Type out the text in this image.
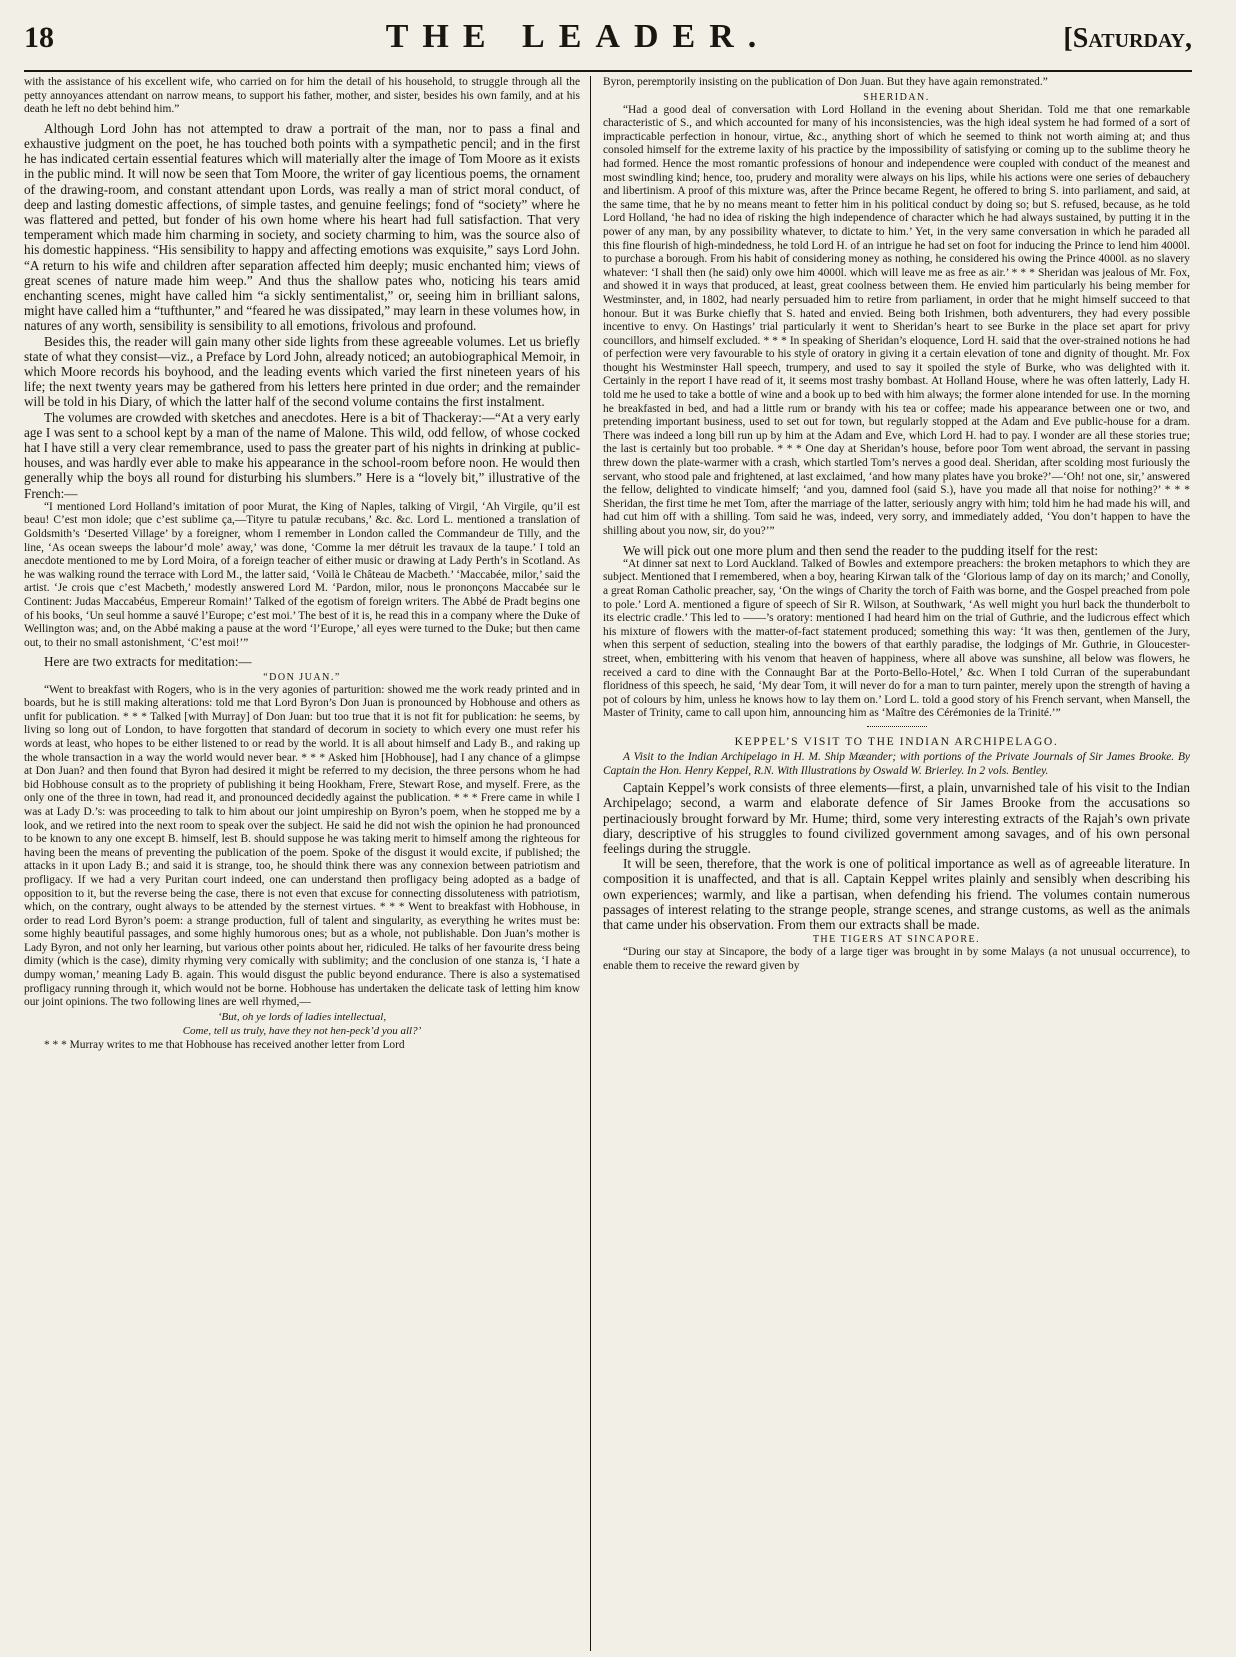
18	THE LEADER.	[Saturday,

with the assistance of his excellent wife, who carried on for him the detail of his household, to struggle through all the petty annoyances attendant on narrow means, to support his father, mother, and sister, besides his own family, and at his death he left no debt behind him.”

Although Lord John has not attempted to draw a portrait of the man, nor to pass a final and exhaustive judgment on the poet, he has touched both points with a sympathetic pencil; and in the first he has indicated certain essential features which will materially alter the image of Tom Moore as it exists in the public mind. It will now be seen that Tom Moore, the writer of gay licentious poems, the ornament of the drawing-room, and constant attendant upon Lords, was really a man of strict moral conduct, of deep and lasting domestic affections, of simple tastes, and genuine feelings; fond of “society” where he was flattered and petted, but fonder of his own home where his heart had full satisfaction. That very temperament which made him charming in society, and society charming to him, was the source also of his domestic happiness. “His sensibility to happy and affecting emotions was exquisite,” says Lord John. “A return to his wife and children after separation affected him deeply; music enchanted him; views of great scenes of nature made him weep.” And thus the shallow pates who, noticing his tears amid enchanting scenes, might have called him “a sickly sentimentalist,” or, seeing him in brilliant salons, might have called him a “tufthunter,” and “feared he was dissipated,” may learn in these volumes how, in natures of any worth, sensibility is sensibility to all emotions, frivolous and profound.

Besides this, the reader will gain many other side lights from these agreeable volumes. Let us briefly state of what they consist—viz., a Preface by Lord John, already noticed; an autobiographical Memoir, in which Moore records his boyhood, and the leading events which varied the first nineteen years of his life; the next twenty years may be gathered from his letters here printed in due order; and the remainder will be told in his Diary, of which the latter half of the second volume contains the first instalment.

The volumes are crowded with sketches and anecdotes. Here is a bit of Thackeray:—“At a very early age I was sent to a school kept by a man of the name of Malone. This wild, odd fellow, of whose cocked hat I have still a very clear remembrance, used to pass the greater part of his nights in drinking at public-houses, and was hardly ever able to make his appearance in the school-room before noon. He would then generally whip the boys all round for disturbing his slumbers.” Here is a “lovely bit,” illustrative of the French:—

“I mentioned Lord Holland’s imitation of poor Murat, the King of Naples, talking of Virgil, ‘Ah Virgile, qu’il est beau! C’est mon idole; que c’est sublime ça,—Tityre tu patulæ recubans,’ &c. &c. Lord L. mentioned a translation of Goldsmith’s ‘Deserted Village’ by a foreigner, whom I remember in London called the Commandeur de Tilly, and the line, ‘As ocean sweeps the labour’d mole’ away,’ was done, ‘Comme la mer détruit les travaux de la taupe.’ I told an anecdote mentioned to me by Lord Moira, of a foreign teacher of either music or drawing at Lady Perth’s in Scotland. As he was walking round the terrace with Lord M., the latter said, ‘Voilà le Château de Macbeth.’ ‘Maccabée, milor,’ said the artist. ‘Je crois que c’est Macbeth,’ modestly answered Lord M. ‘Pardon, milor, nous le prononçons Maccabée sur le Continent: Judas Maccabéus, Empereur Romain!’ Talked of the egotism of foreign writers. The Abbé de Pradt begins one of his books, ‘Un seul homme a sauvé l’Europe; c’est moi.’ The best of it is, he read this in a company where the Duke of Wellington was; and, on the Abbé making a pause at the word ‘l’Europe,’ all eyes were turned to the Duke; but then came out, to their no small astonishment, ‘C’est moi!’”

Here are two extracts for meditation:—

“DON JUAN.”

“Went to breakfast with Rogers, who is in the very agonies of parturition: showed me the work ready printed and in boards, but he is still making alterations: told me that Lord Byron’s Don Juan is pronounced by Hobhouse and others as unfit for publication. * * * Talked [with Murray] of Don Juan: but too true that it is not fit for publication: he seems, by living so long out of London, to have forgotten that standard of decorum in society to which every one must refer his words at least, who hopes to be either listened to or read by the world. It is all about himself and Lady B., and raking up the whole transaction in a way the world would never bear. * * * Asked him [Hobhouse], had I any chance of a glimpse at Don Juan? and then found that Byron had desired it might be referred to my decision, the three persons whom he had bid Hobhouse consult as to the propriety of publishing it being Hookham, Frere, Stewart Rose, and myself. Frere, as the only one of the three in town, had read it, and pronounced decidedly against the publication. * * * Frere came in while I was at Lady D.’s: was proceeding to talk to him about our joint umpireship on Byron’s poem, when he stopped me by a look, and we retired into the next room to speak over the subject. He said he did not wish the opinion he had pronounced to be known to any one except B. himself, lest B. should suppose he was taking merit to himself among the righteous for having been the means of preventing the publication of the poem. Spoke of the disgust it would excite, if published; the attacks in it upon Lady B.; and said it is strange, too, he should think there was any connexion between patriotism and profligacy. If we had a very Puritan court indeed, one can understand then profligacy being adopted as a badge of opposition to it, but the reverse being the case, there is not even that excuse for connecting dissoluteness with patriotism, which, on the contrary, ought always to be attended by the sternest virtues. * * * Went to breakfast with Hobhouse, in order to read Lord Byron’s poem: a strange production, full of talent and singularity, as everything he writes must be: some highly beautiful passages, and some highly humorous ones; but as a whole, not publishable. Don Juan’s mother is Lady Byron, and not only her learning, but various other points about her, ridiculed. He talks of her favourite dress being dimity (which is the case), dimity rhyming very comically with sublimity; and the conclusion of one stanza is, ‘I hate a dumpy woman,’ meaning Lady B. again. This would disgust the public beyond endurance. There is also a systematised profligacy running through it, which would not be borne. Hobhouse has undertaken the delicate task of letting him know our joint opinions. The two following lines are well rhymed,—

‘But, oh ye lords of ladies intellectual,
Come, tell us truly, have they not hen-peck’d you all?’

* * * Murray writes to me that Hobhouse has received another letter from Lord

Byron, peremptorily insisting on the publication of Don Juan. But they have again remonstrated.”

SHERIDAN.

“Had a good deal of conversation with Lord Holland in the evening about Sheridan. Told me that one remarkable characteristic of S., and which accounted for many of his inconsistencies, was the high ideal system he had formed of a sort of impracticable perfection in honour, virtue, &c., anything short of which he seemed to think not worth aiming at; and thus consoled himself for the extreme laxity of his practice by the impossibility of satisfying or coming up to the sublime theory he had formed. Hence the most romantic professions of honour and independence were coupled with conduct of the meanest and most swindling kind; hence, too, prudery and morality were always on his lips, while his actions were one series of debauchery and libertinism. A proof of this mixture was, after the Prince became Regent, he offered to bring S. into parliament, and said, at the same time, that he by no means meant to fetter him in his political conduct by doing so; but S. refused, because, as he told Lord Holland, ‘he had no idea of risking the high independence of character which he had always sustained, by putting it in the power of any man, by any possibility whatever, to dictate to him.’ Yet, in the very same conversation in which he paraded all this fine flourish of high-mindedness, he told Lord H. of an intrigue he had set on foot for inducing the Prince to lend him 4000l. to purchase a borough. From his habit of considering money as nothing, he considered his owing the Prince 4000l. as no slavery whatever: ‘I shall then (he said) only owe him 4000l. which will leave me as free as air.’ * * * Sheridan was jealous of Mr. Fox, and showed it in ways that produced, at least, great coolness between them. He envied him particularly his being member for Westminster, and, in 1802, had nearly persuaded him to retire from parliament, in order that he might himself succeed to that honour. But it was Burke chiefly that S. hated and envied. Being both Irishmen, both adventurers, they had every possible incentive to envy. On Hastings’ trial particularly it went to Sheridan’s heart to see Burke in the place set apart for privy councillors, and himself excluded. * * * In speaking of Sheridan’s eloquence, Lord H. said that the over-strained notions he had of perfection were very favourable to his style of oratory in giving it a certain elevation of tone and dignity of thought. Mr. Fox thought his Westminster Hall speech, trumpery, and used to say it spoiled the style of Burke, who was delighted with it. Certainly in the report I have read of it, it seems most trashy bombast. At Holland House, where he was often latterly, Lady H. told me he used to take a bottle of wine and a book up to bed with him always; the former alone intended for use. In the morning he breakfasted in bed, and had a little rum or brandy with his tea or coffee; made his appearance between one or two, and pretending important business, used to set out for town, but regularly stopped at the Adam and Eve public-house for a dram. There was indeed a long bill run up by him at the Adam and Eve, which Lord H. had to pay. I wonder are all these stories true; the last is certainly but too probable. * * * One day at Sheridan’s house, before poor Tom went abroad, the servant in passing threw down the plate-warmer with a crash, which startled Tom’s nerves a good deal. Sheridan, after scolding most furiously the servant, who stood pale and frightened, at last exclaimed, ‘and how many plates have you broke?’—‘Oh! not one, sir,’ answered the fellow, delighted to vindicate himself; ‘and you, damned fool (said S.), have you made all that noise for nothing?’ * * * Sheridan, the first time he met Tom, after the marriage of the latter, seriously angry with him; told him he had made his will, and had cut him off with a shilling. Tom said he was, indeed, very sorry, and immediately added, ‘You don’t happen to have the shilling about you now, sir, do you?’”

We will pick out one more plum and then send the reader to the pudding itself for the rest:

“At dinner sat next to Lord Auckland. Talked of Bowles and extempore preachers: the broken metaphors to which they are subject. Mentioned that I remembered, when a boy, hearing Kirwan talk of the ‘Glorious lamp of day on its march;’ and Conolly, a great Roman Catholic preacher, say, ‘On the wings of Charity the torch of Faith was borne, and the Gospel preached from pole to pole.’ Lord A. mentioned a figure of speech of Sir R. Wilson, at Southwark, ‘As well might you hurl back the thunderbolt to its electric cradle.’ This led to ——’s oratory: mentioned I had heard him on the trial of Guthrie, and the ludicrous effect which his mixture of flowers with the matter-of-fact statement produced; something this way: ‘It was then, gentlemen of the Jury, when this serpent of seduction, stealing into the bowers of that earthly paradise, the lodgings of Mr. Guthrie, in Gloucester-street, when, embittering with his venom that heaven of happiness, where all above was sunshine, all below was flowers, he received a card to dine with the Connaught Bar at the Porto-Bello-Hotel,’ &c. When I told Curran of the superabundant floridness of this speech, he said, ‘My dear Tom, it will never do for a man to turn painter, merely upon the strength of having a pot of colours by him, unless he knows how to lay them on.’ Lord L. told a good story of his French servant, when Mansell, the Master of Trinity, came to call upon him, announcing him as ‘Maître des Cérémonies de la Trinité.’”

KEPPEL’S VISIT TO THE INDIAN ARCHIPELAGO.

A Visit to the Indian Archipelago in H. M. Ship Mæander; with portions of the Private Journals of Sir James Brooke. By Captain the Hon. Henry Keppel, R.N. With Illustrations by Oswald W. Brierley. In 2 vols. Bentley.

Captain Keppel’s work consists of three elements—first, a plain, unvarnished tale of his visit to the Indian Archipelago; second, a warm and elaborate defence of Sir James Brooke from the accusations so pertinaciously brought forward by Mr. Hume; third, some very interesting extracts of the Rajah’s own private diary, descriptive of his struggles to found civilized government among savages, and of his own personal feelings during the struggle.

It will be seen, therefore, that the work is one of political importance as well as of agreeable literature. In composition it is unaffected, and that is all. Captain Keppel writes plainly and sensibly when describing his own experiences; warmly, and like a partisan, when defending his friend. The volumes contain numerous passages of interest relating to the strange people, strange scenes, and strange customs, as well as the animals that came under his observation. From them our extracts shall be made.

THE TIGERS AT SINCAPORE.

“During our stay at Sincapore, the body of a large tiger was brought in by some Malays (a not unusual occurrence), to enable them to receive the reward given by
